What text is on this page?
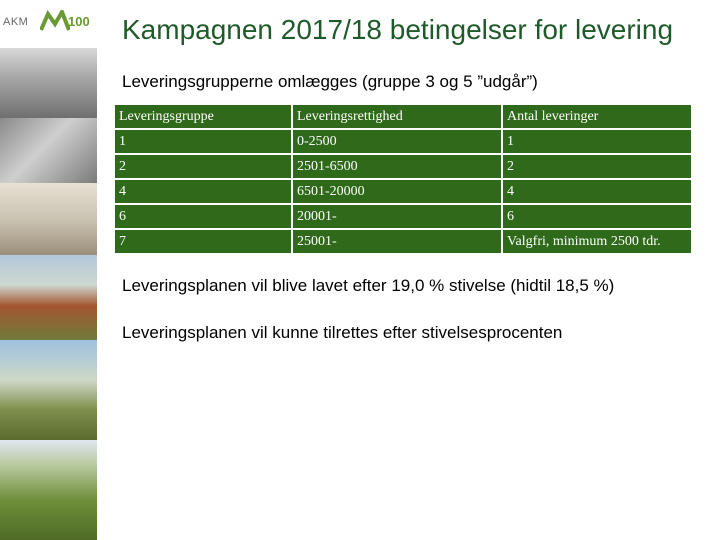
AKM	100 Kampagnen 2017/18 betingelser for levering
Leveringsgrupperne omlægges (gruppe 3 og 5 ”udgår”)
Leveringsgruppe	Leveringsrettighed	Antal leveringer
1	0-2500	1
2	2501-6500	2
4	6501-20000	4
6	20001-	6
7	25001-	Valgfri, minimum 2500 tdr.
Leveringsplanen vil blive lavet efter 19,0 % stivelse (hidtil 18,5 %)
Leveringsplanen vil kunne tilrettes efter stivelsesprocenten
